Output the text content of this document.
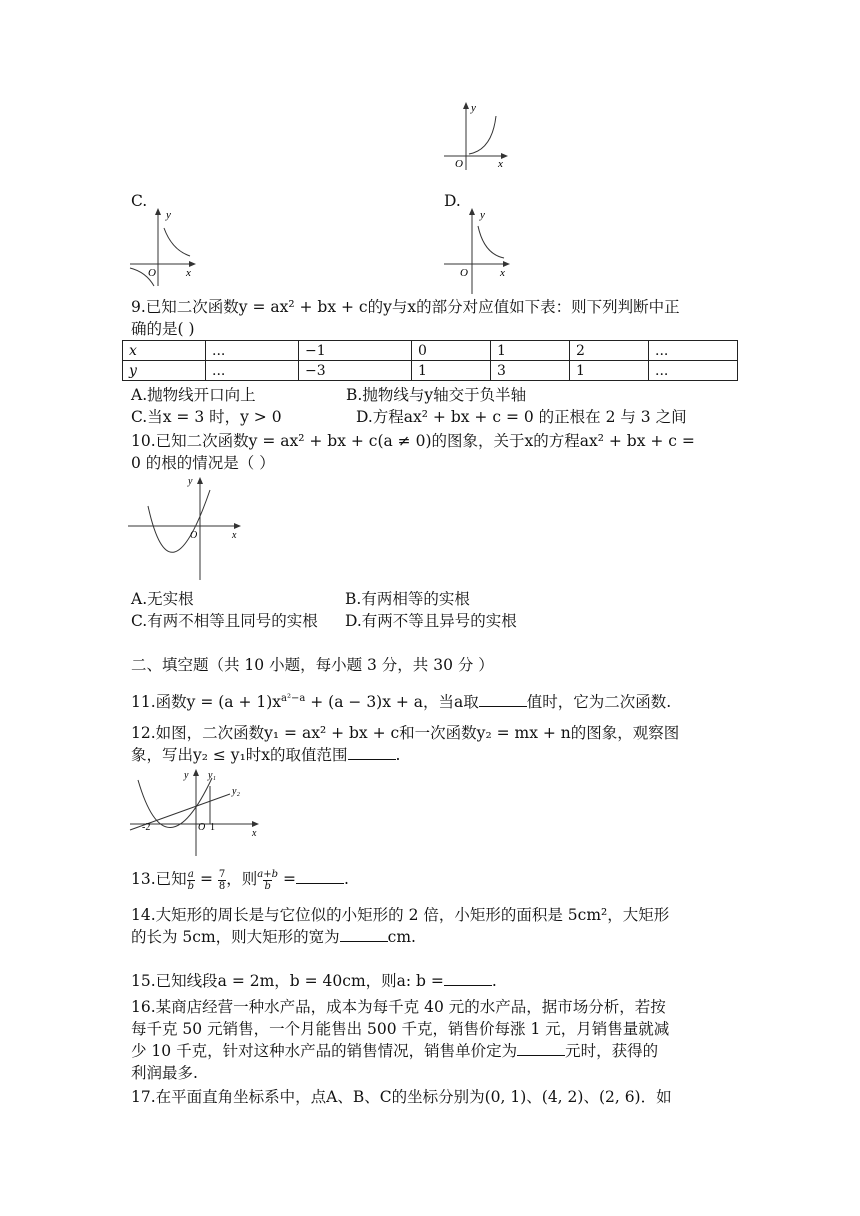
y
x
O
C.	D.
y
x
O
y
x
O
9.已知二次函数y = ax² + bx + c的y与x的部分对应值如下表：则下列判断中正
确的是( )
x	...	−1	0	1	2	...
y	...	−3	1	3	1	...
A.抛物线开口向上	B.抛物线与y轴交于负半轴
C.当x = 3 时，y > 0	D.方程ax² + bx + c = 0 的正根在 2 与 3 之间
10.已知二次函数y = ax² + bx + c(a ≠ 0)的图象，关于x的方程ax² + bx + c =
0 的根的情况是（ ）
y
x
O
A.无实根	B.有两相等的实根
C.有两不相等且同号的实根 D.有两不等且异号的实根
二、填空题（共 10 小题，每小题 3 分，共 30 分 ）
11.函数$y = (a + 1)x^{a^2-a} + (a - 3)x + a$，当a取	值时，它为二次函数.
12.如图，二次函数y₁ = ax² + bx + c和一次函数y₂ = mx + n的图象，观察图
象，写出y₂ ≤ y₁时x的取值范围	.
y y₁
y₂
x
O
-2	1
13.已知 $\frac{a}{b} = \frac{7}{8}$ ，则 $\frac{a+b}{b}$ =	.
14.大矩形的周长是与它位似的小矩形的 2 倍，小矩形的面积是 5cm²，大矩形
的长为 5cm，则大矩形的宽为	cm.
15.已知线段a = 2m，b = 40cm，则a: b =	.
16.某商店经营一种水产品，成本为每千克 40 元的水产品，据市场分析，若按
每千克 50 元销售，一个月能售出 500 千克，销售价每涨 1 元，月销售量就减
少 10 千克，针对这种水产品的销售情况，销售单价定为	元时，获得的
利润最多.
17.在平面直角坐标系中，点A、B、C的坐标分别为(0, 1)、(4, 2)、(2, 6)．如
